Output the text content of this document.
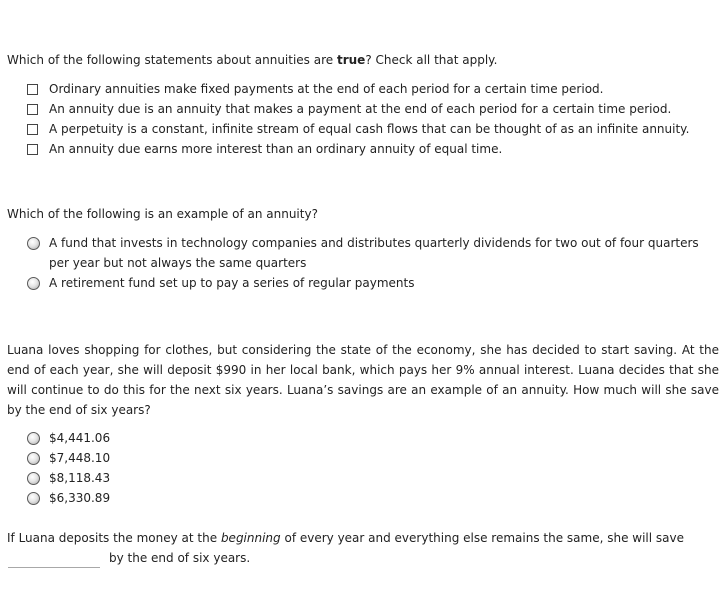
Which of the following statements about annuities are true? Check all that apply.
Ordinary annuities make fixed payments at the end of each period for a certain time period.
An annuity due is an annuity that makes a payment at the end of each period for a certain time period.
A perpetuity is a constant, infinite stream of equal cash flows that can be thought of as an infinite annuity.
An annuity due earns more interest than an ordinary annuity of equal time.
Which of the following is an example of an annuity?
A fund that invests in technology companies and distributes quarterly dividends for two out of four quarters
per year but not always the same quarters
A retirement fund set up to pay a series of regular payments
Luana loves shopping for clothes, but considering the state of the economy, she has decided to start saving. At the end of each year, she will deposit $990 in her local bank, which pays her 9% annual interest. Luana decides that she will continue to do this for the next six years. Luana’s savings are an example of an annuity. How much will she save by the end of six years?
$4,441.06
$7,448.10
$8,118.43
$6,330.89
If Luana deposits the money at the beginning of every year and everything else remains the same, she will save
by the end of six years.
